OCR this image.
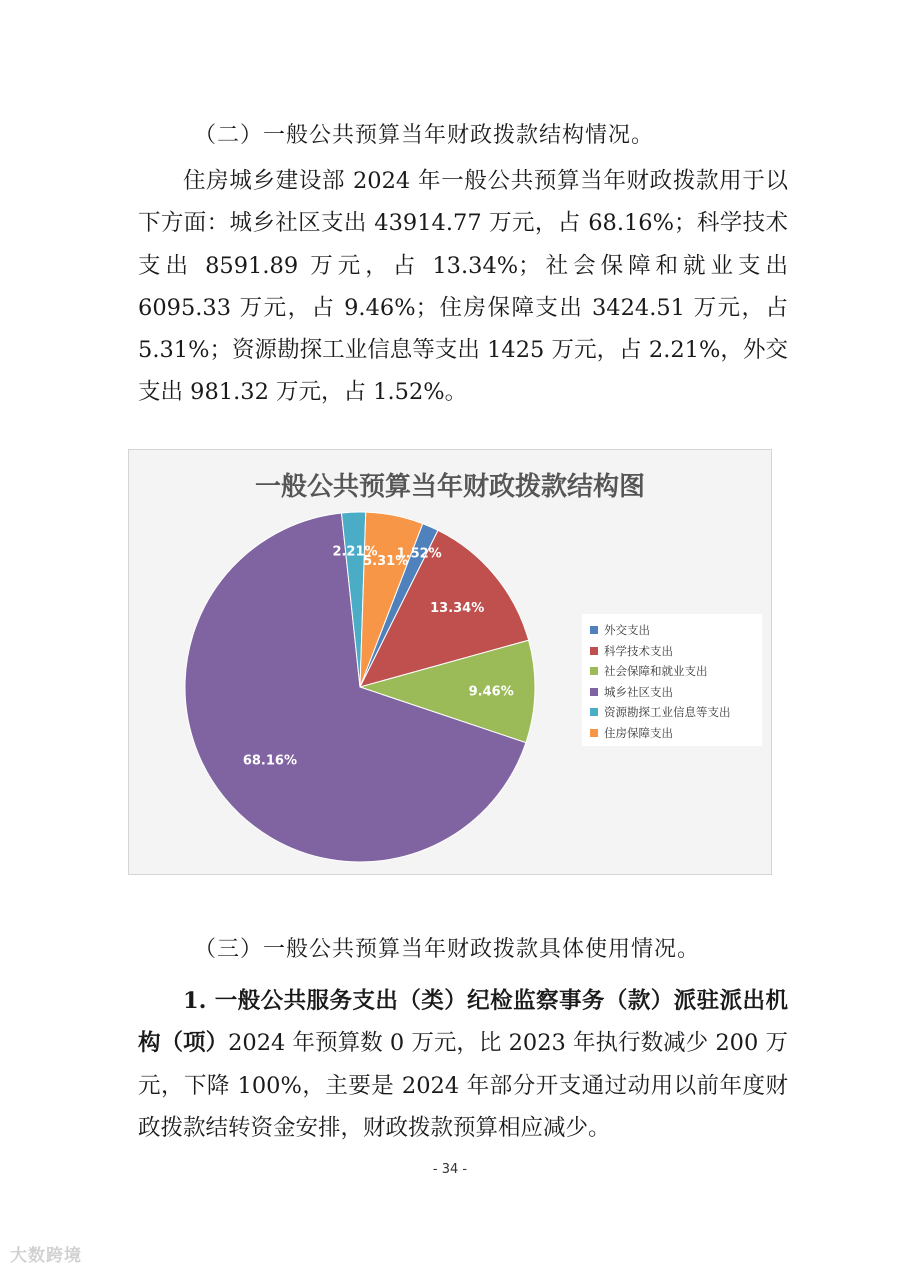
（二）一般公共预算当年财政拨款结构情况。
住房城乡建设部 2024 年一般公共预算当年财政拨款用于以下方面：城乡社区支出 43914.77 万元，占 68.16%；科学技术支出 8591.89 万元，占 13.34%；社会保障和就业支出 6095.33 万元，占 9.46%；住房保障支出 3424.51 万元，占 5.31%；资源勘探工业信息等支出 1425 万元，占 2.21%，外交支出 981.32 万元，占 1.52%。
一般公共预算当年财政拨款结构图
1.52%
13.34%
9.46%
68.16%
2.21%
5.31%
外交支出
科学技术支出
社会保障和就业支出
城乡社区支出
资源勘探工业信息等支出
住房保障支出
（三）一般公共预算当年财政拨款具体使用情况。
1. 一般公共服务支出（类）纪检监察事务（款）派驻派出机构（项）2024 年预算数 0 万元，比 2023 年执行数减少 200 万元，下降 100%，主要是 2024 年部分开支通过动用以前年度财政拨款结转资金安排，财政拨款预算相应减少。
- 34 -
大数跨境
